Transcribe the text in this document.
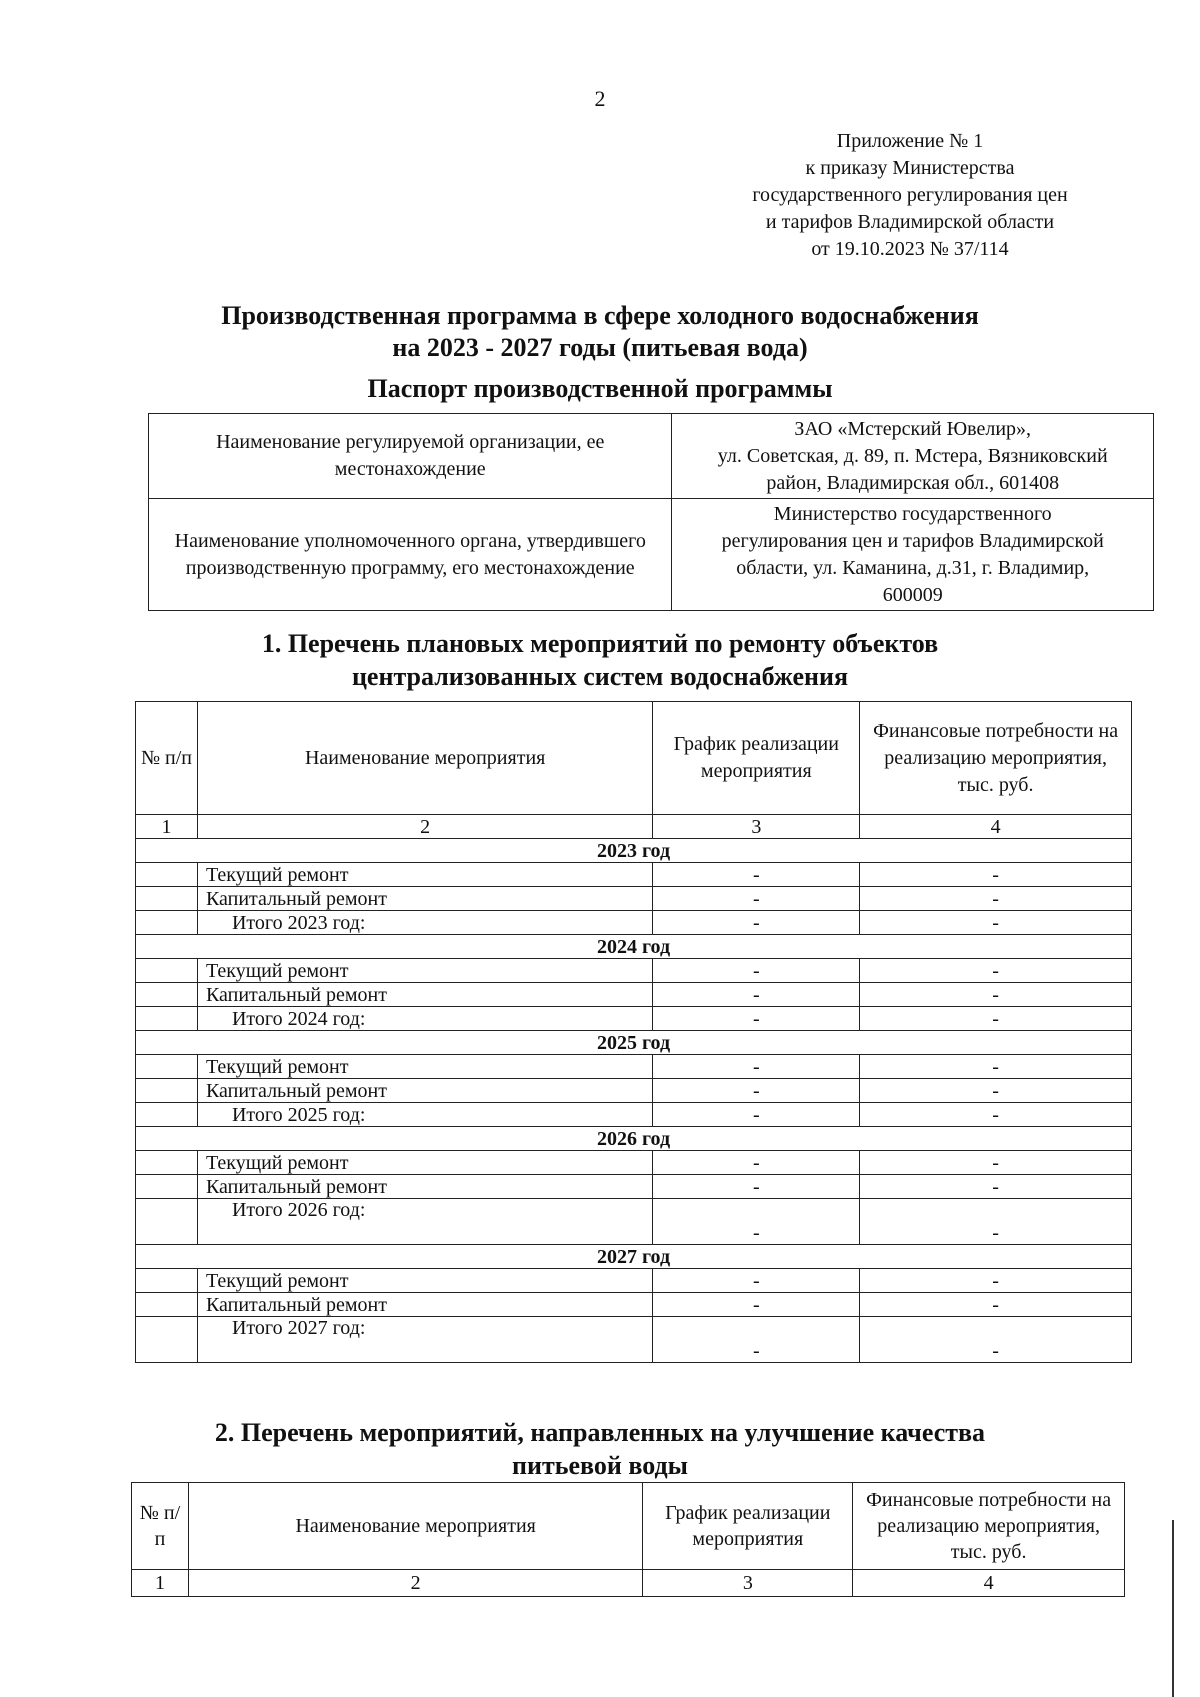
2
Приложение № 1
к приказу Министерства
государственного регулирования цен
и тарифов Владимирской области
от 19.10.2023 № 37/114
Производственная программа в сфере холодного водоснабжения
на 2023 - 2027 годы (питьевая вода)
Паспорт производственной программы
Наименование регулируемой организации, ее местонахождение	ЗАО «Мстерский Ювелир»,
ул. Советская, д. 89, п. Мстера, Вязниковский
район, Владимирская обл., 601408

Наименование уполномоченного органа, утвердившего производственную программу, его местонахождение	Министерство государственного
регулирования цен и тарифов Владимирской
области, ул. Каманина, д.31, г. Владимир,
600009
1. Перечень плановых мероприятий по ремонту объектов
централизованных систем водоснабжения
№ п/п	Наименование мероприятия	График реализации мероприятия	Финансовые потребности на реализацию мероприятия, тыс. руб.
1	2	3	4
2023 год			
	Текущий ремонт	-	-
	Капитальный ремонт	-	-
	Итого 2023 год:	-	-
2024 год			
	Текущий ремонт	-	-
	Капитальный ремонт	-	-
	Итого 2024 год:	-	-
2025 год			
	Текущий ремонт	-	-
	Капитальный ремонт	-	-
	Итого 2025 год:	-	-
2026 год			
	Текущий ремонт	-	-
	Капитальный ремонт	-	-
	Итого 2026 год:	-	-
2027 год			
	Текущий ремонт	-	-
	Капитальный ремонт	-	-
	Итого 2027 год:	-	-
2. Перечень мероприятий, направленных на улучшение качества
питьевой воды
№ п/п	Наименование мероприятия	График реализации мероприятия	Финансовые потребности на реализацию мероприятия, тыс. руб.
1	2	3	4
